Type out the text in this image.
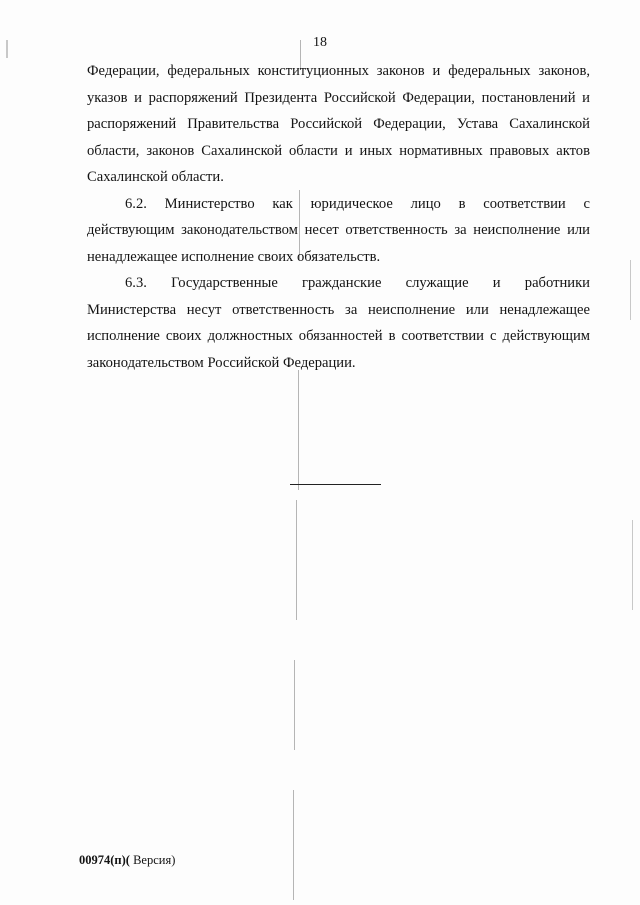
18

Федерации, федеральных конституционных законов и федеральных законов,
указов и распоряжений Президента Российской Федерации, постановлений и
распоряжений Правительства Российской Федерации, Устава Сахалинской
области, законов Сахалинской области и иных нормативных правовых актов
Сахалинской области.

6.2. Министерство как юридическое лицо в соответствии с
действующим законодательством несет ответственность за неисполнение или
ненадлежащее исполнение своих обязательств.

6.3. Государственные гражданские служащие и работники
Министерства несут ответственность за неисполнение или ненадлежащее
исполнение своих должностных обязанностей в соответствии с действующим
законодательством Российской Федерации.

00974(п)( Версия)
